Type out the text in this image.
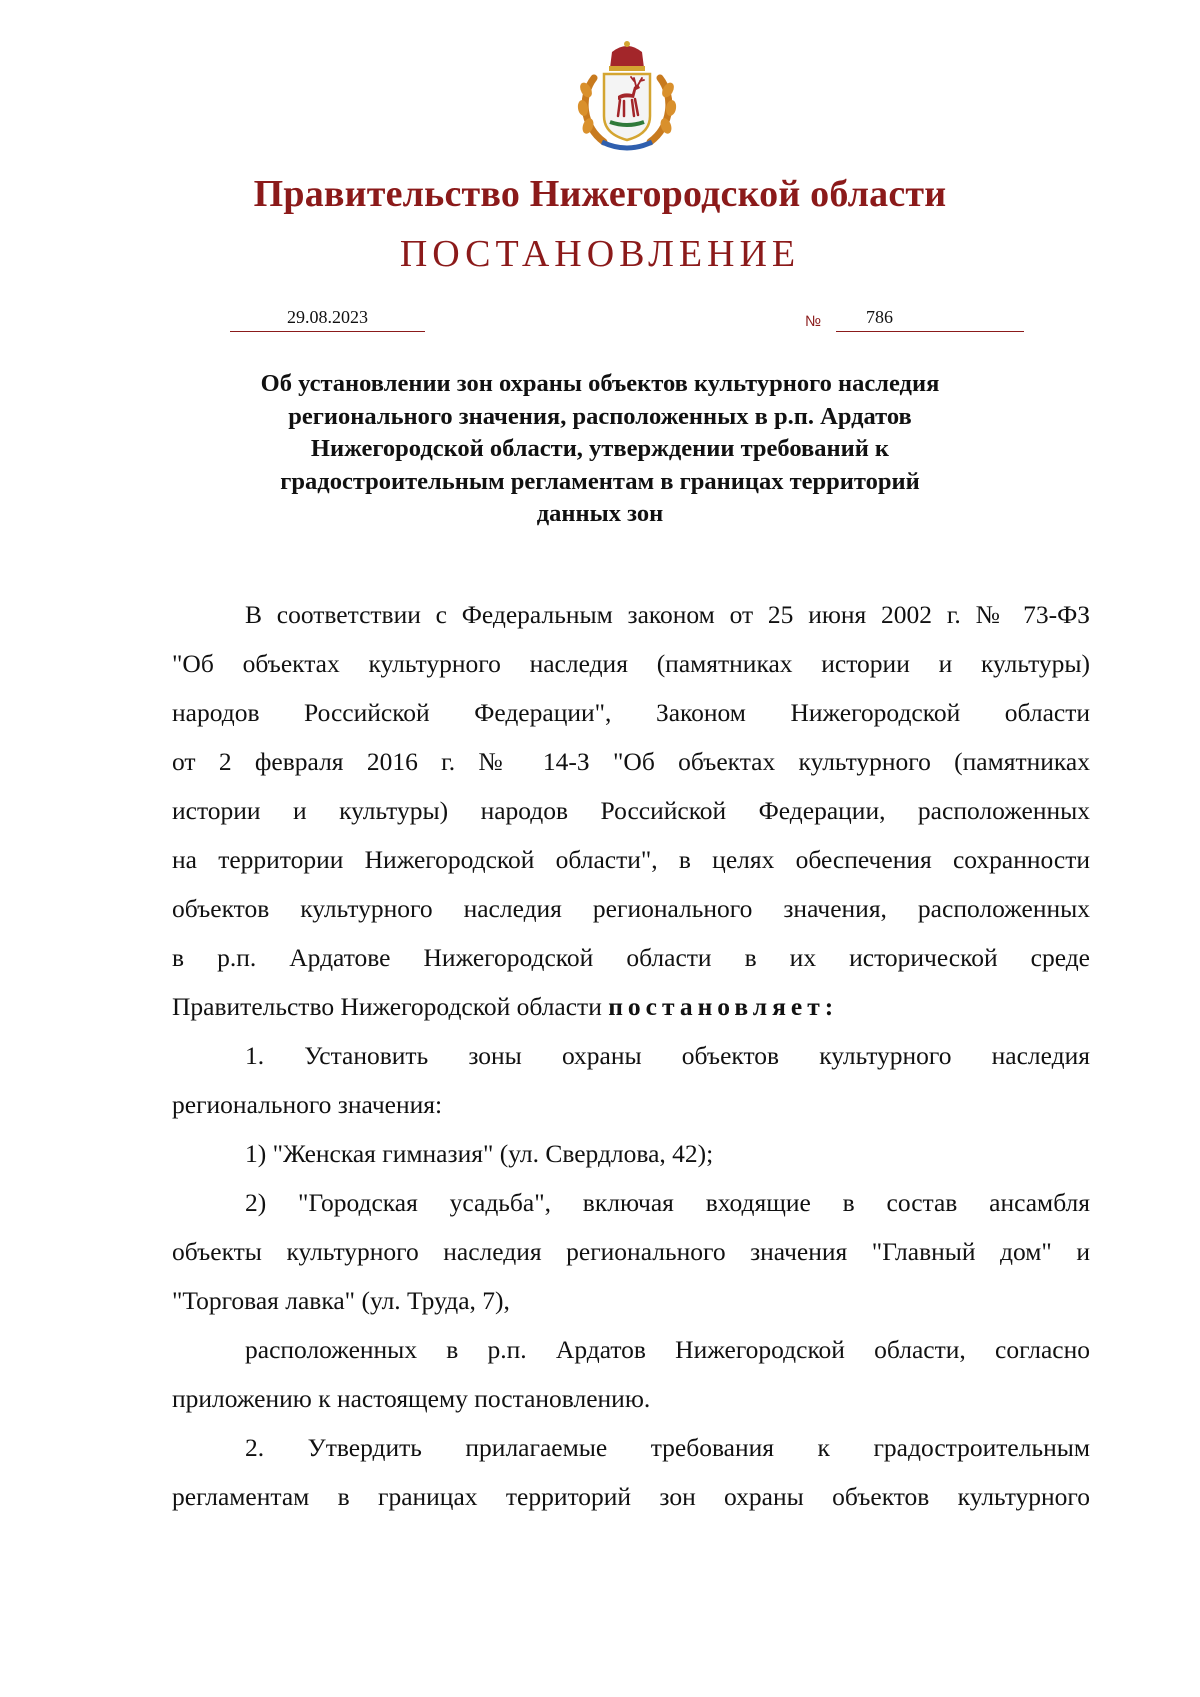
Правительство Нижегородской области
ПОСТАНОВЛЕНИЕ
29.08.2023	№	786
Об установлении зон охраны объектов культурного наследия
регионального значения, расположенных в р.п. Ардатов
Нижегородской области, утверждении требований к
градостроительным регламентам в границах территорий
данных зон
В соответствии с Федеральным законом от 25 июня 2002 г. № 73-ФЗ
"Об объектах культурного наследия (памятниках истории и культуры)
народов Российской Федерации", Законом Нижегородской области
от 2 февраля 2016 г. № 14-З "Об объектах культурного (памятниках
истории и культуры) народов Российской Федерации, расположенных
на территории Нижегородской области", в целях обеспечения сохранности
объектов культурного наследия регионального значения, расположенных
в р.п. Ардатове Нижегородской области в их исторической среде
Правительство Нижегородской области постановляет:
1. Установить зоны охраны объектов культурного наследия
регионального значения:
1) "Женская гимназия" (ул. Свердлова, 42);
2) "Городская усадьба", включая входящие в состав ансамбля
объекты культурного наследия регионального значения "Главный дом" и
"Торговая лавка" (ул. Труда, 7),
расположенных в р.п. Ардатов Нижегородской области, согласно
приложению к настоящему постановлению.
2. Утвердить прилагаемые требования к градостроительным
регламентам в границах территорий зон охраны объектов культурного
